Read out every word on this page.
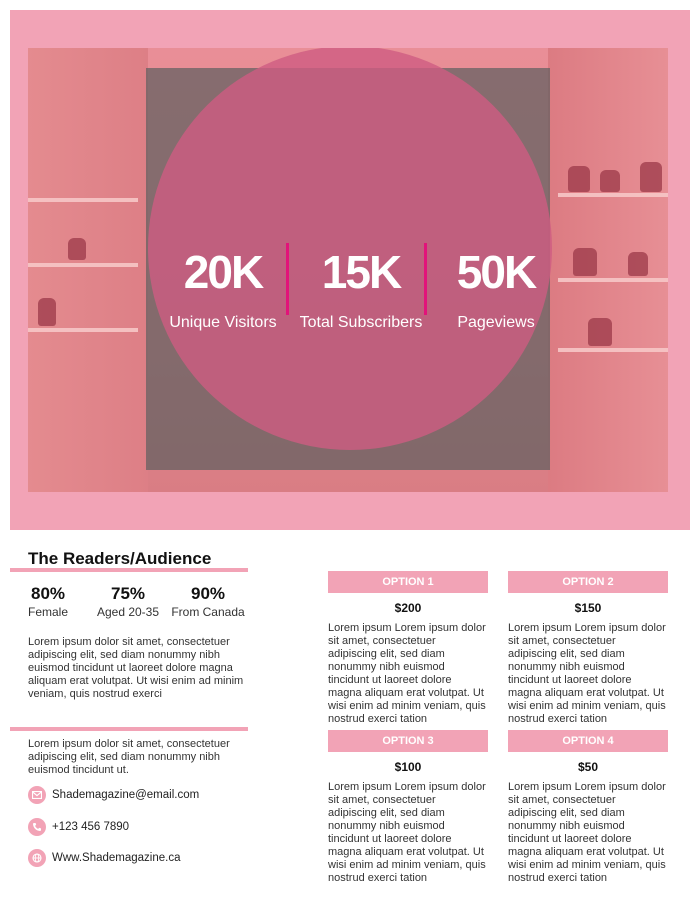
20K
Unique Visitors
15K
Total Subscribers
50K
Pageviews
The Readers/Audience
80%
Female
75%
Aged 20-35
90%
From Canada
Lorem ipsum dolor sit amet, consectetuer adipiscing elit, sed diam nonummy nibh euismod tincidunt ut laoreet dolore magna aliquam erat volutpat. Ut wisi enim ad minim veniam, quis nostrud exerci
Lorem ipsum dolor sit amet, consectetuer adipiscing elit, sed diam nonummy nibh euismod tincidunt ut.
Shademagazine@email.com
+123 456 7890
Www.Shademagazine.ca
OPTION 1
$200
Lorem ipsum Lorem ipsum dolor sit amet, consectetuer adipiscing elit, sed diam nonummy nibh euismod tincidunt ut laoreet dolore magna aliquam erat volutpat. Ut wisi enim ad minim veniam, quis nostrud exerci tation
OPTION 2
$150
Lorem ipsum Lorem ipsum dolor sit amet, consectetuer adipiscing elit, sed diam nonummy nibh euismod tincidunt ut laoreet dolore magna aliquam erat volutpat. Ut wisi enim ad minim veniam, quis nostrud exerci tation
OPTION 3
$100
Lorem ipsum Lorem ipsum dolor sit amet, consectetuer adipiscing elit, sed diam nonummy nibh euismod tincidunt ut laoreet dolore magna aliquam erat volutpat. Ut wisi enim ad minim veniam, quis nostrud exerci tation
OPTION 4
$50
Lorem ipsum Lorem ipsum dolor sit amet, consectetuer adipiscing elit, sed diam nonummy nibh euismod tincidunt ut laoreet dolore magna aliquam erat volutpat. Ut wisi enim ad minim veniam, quis nostrud exerci tation
